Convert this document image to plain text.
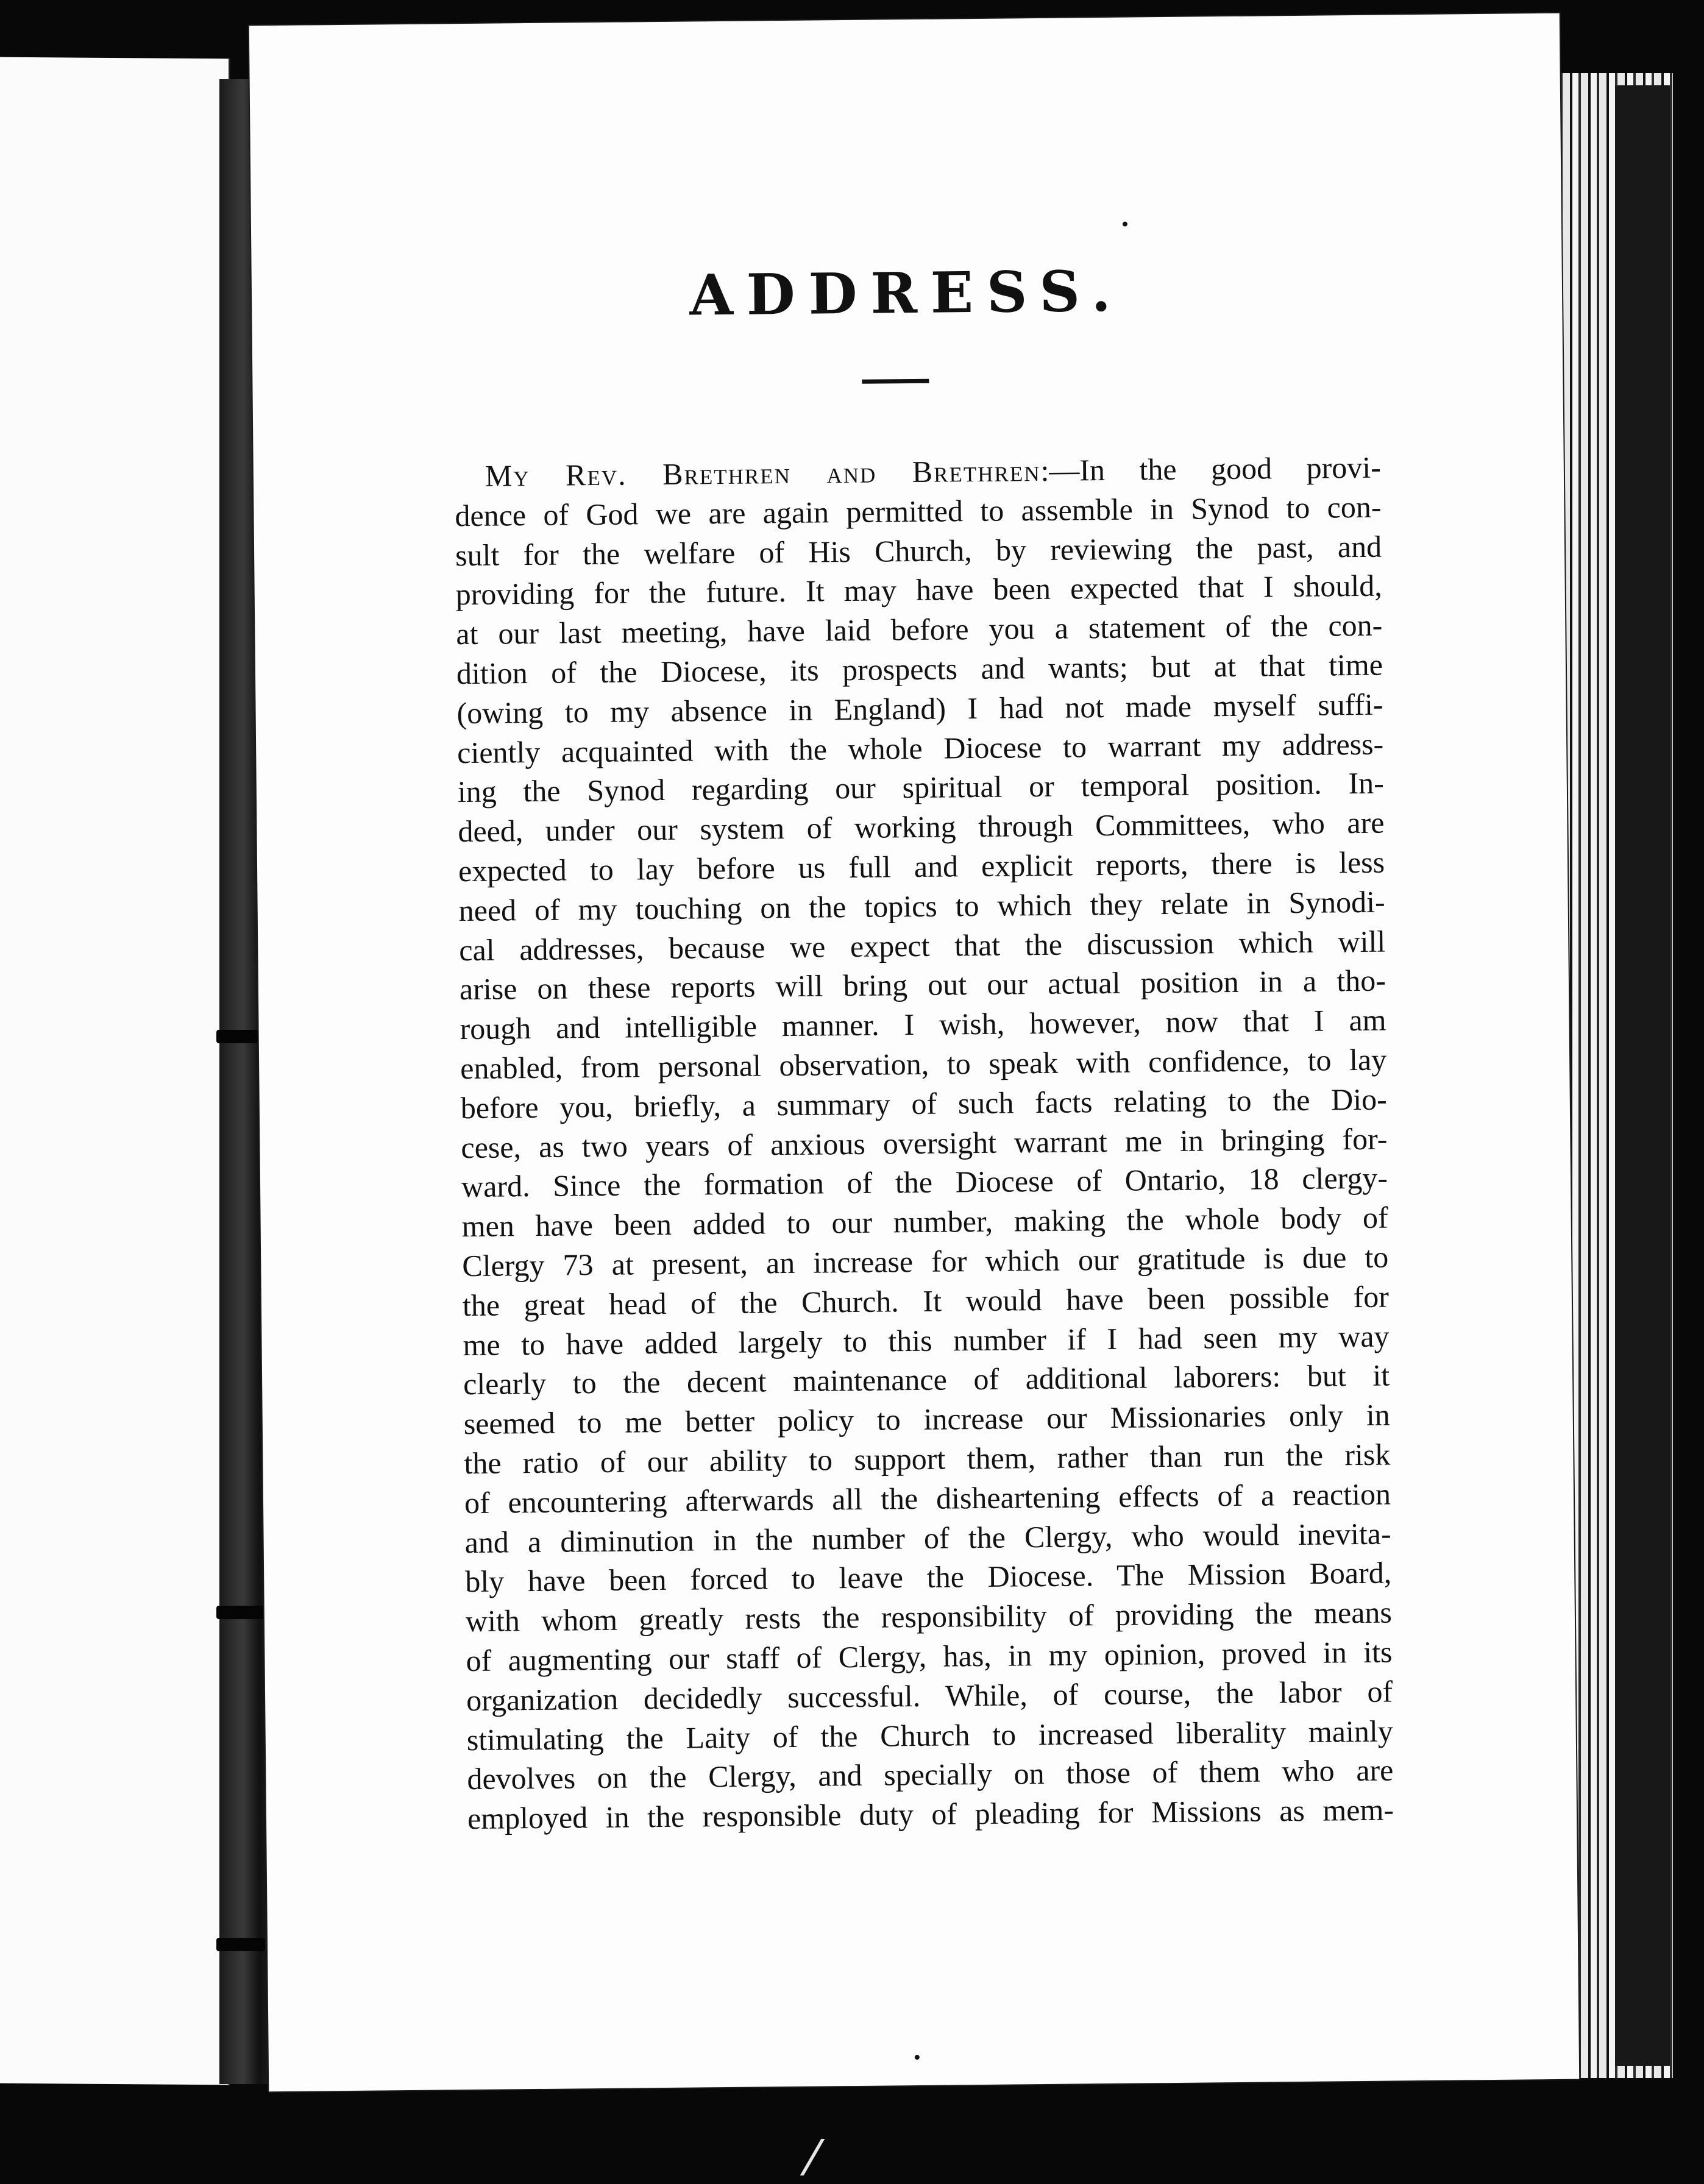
ADDRESS.
My Rev. Brethren and Brethren:—In the good provi-
dence of God we are again permitted to assemble in Synod to con-
sult for the welfare of His Church, by reviewing the past, and
providing for the future. It may have been expected that I should,
at our last meeting, have laid before you a statement of the con-
dition of the Diocese, its prospects and wants; but at that time
(owing to my absence in England) I had not made myself suffi-
ciently acquainted with the whole Diocese to warrant my address-
ing the Synod regarding our spiritual or temporal position. In-
deed, under our system of working through Committees, who are
expected to lay before us full and explicit reports, there is less
need of my touching on the topics to which they relate in Synodi-
cal addresses, because we expect that the discussion which will
arise on these reports will bring out our actual position in a tho-
rough and intelligible manner. I wish, however, now that I am
enabled, from personal observation, to speak with confidence, to lay
before you, briefly, a summary of such facts relating to the Dio-
cese, as two years of anxious oversight warrant me in bringing for-
ward. Since the formation of the Diocese of Ontario, 18 clergy-
men have been added to our number, making the whole body of
Clergy 73 at present, an increase for which our gratitude is due to
the great head of the Church. It would have been possible for
me to have added largely to this number if I had seen my way
clearly to the decent maintenance of additional laborers: but it
seemed to me better policy to increase our Missionaries only in
the ratio of our ability to support them, rather than run the risk
of encountering afterwards all the disheartening effects of a reaction
and a diminution in the number of the Clergy, who would inevita-
bly have been forced to leave the Diocese. The Mission Board,
with whom greatly rests the responsibility of providing the means
of augmenting our staff of Clergy, has, in my opinion, proved in its
organization decidedly successful. While, of course, the labor of
stimulating the Laity of the Church to increased liberality mainly
devolves on the Clergy, and specially on those of them who are
employed in the responsible duty of pleading for Missions as mem-
